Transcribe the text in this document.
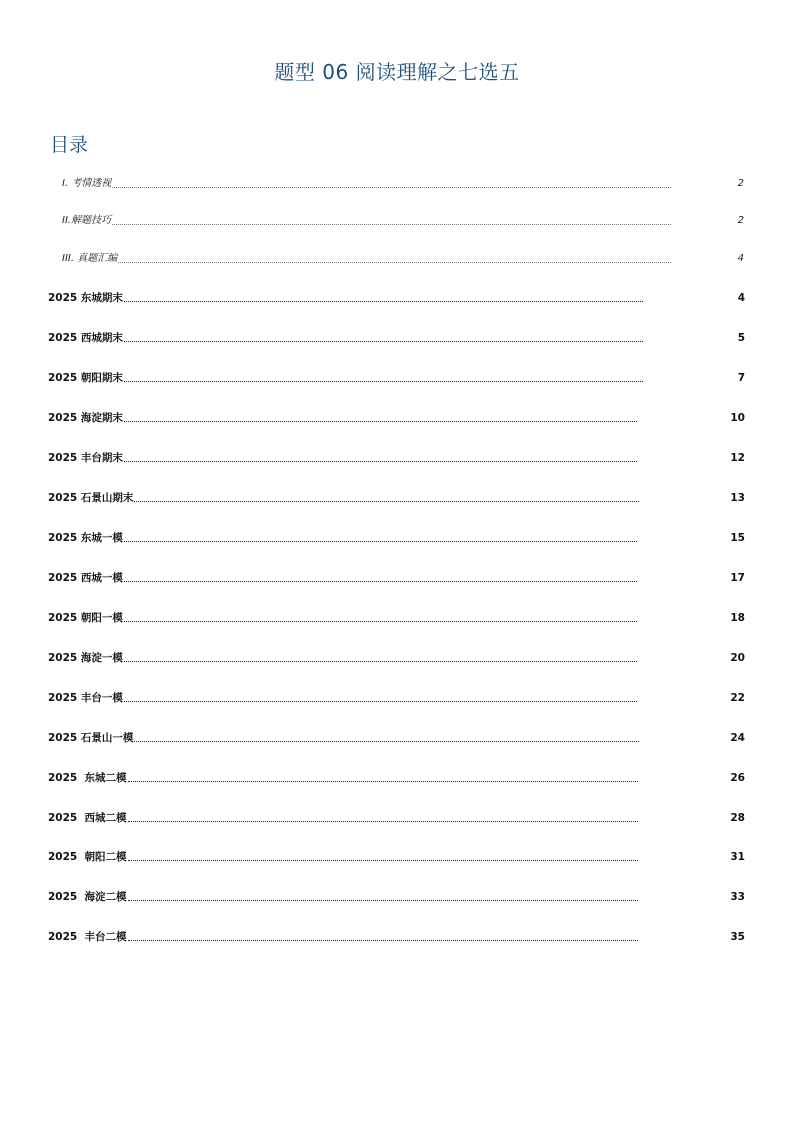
题型 06 阅读理解之七选五
目录
I. 考情透视	2
II.解题技巧	2
III. 真题汇编	4
2025 东城期末	4
2025 西城期末	5
2025 朝阳期末	7
2025 海淀期末	10
2025 丰台期末	12
2025 石景山期末	13
2025 东城一模	15
2025 西城一模	17
2025 朝阳一模	18
2025 海淀一模	20
2025 丰台一模	22
2025 石景山一模	24
2025  东城二模	26
2025  西城二模	28
2025  朝阳二模	31
2025  海淀二模	33
2025  丰台二模	35
